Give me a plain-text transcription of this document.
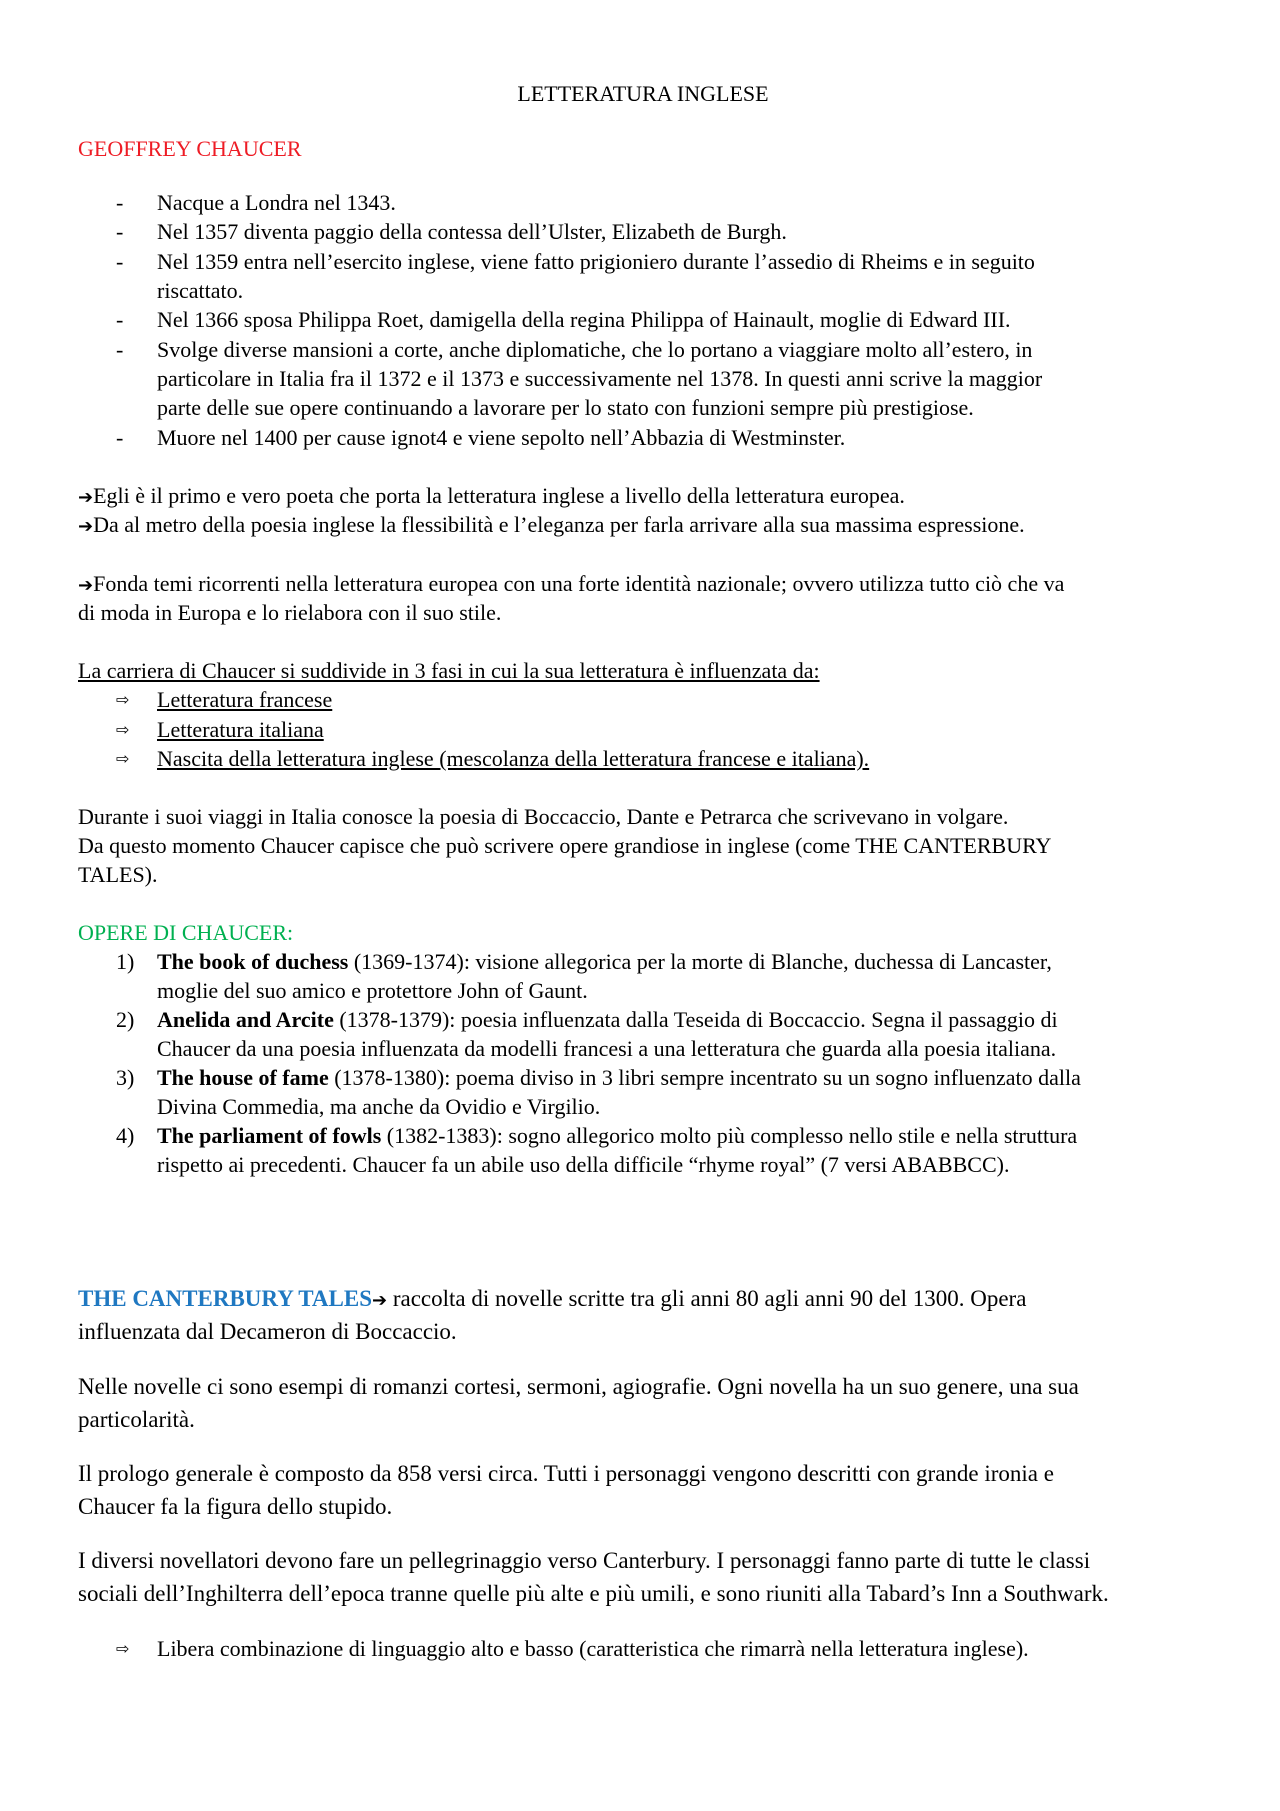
LETTERATURA INGLESE
GEOFFREY CHAUCER
- Nacque a Londra nel 1343.
- Nel 1357 diventa paggio della contessa dell’Ulster, Elizabeth de Burgh.
- Nel 1359 entra nell’esercito inglese, viene fatto prigioniero durante l’assedio di Rheims e in seguito
riscattato.
- Nel 1366 sposa Philippa Roet, damigella della regina Philippa of Hainault, moglie di Edward III.
- Svolge diverse mansioni a corte, anche diplomatiche, che lo portano a viaggiare molto all’estero, in
particolare in Italia fra il 1372 e il 1373 e successivamente nel 1378. In questi anni scrive la maggior
parte delle sue opere continuando a lavorare per lo stato con funzioni sempre più prestigiose.
- Muore nel 1400 per cause ignot4 e viene sepolto nell’Abbazia di Westminster.
➔Egli è il primo e vero poeta che porta la letteratura inglese a livello della letteratura europea.
➔Da al metro della poesia inglese la flessibilità e l’eleganza per farla arrivare alla sua massima espressione.
➔Fonda temi ricorrenti nella letteratura europea con una forte identità nazionale; ovvero utilizza tutto ciò che va
di moda in Europa e lo rielabora con il suo stile.
La carriera di Chaucer si suddivide in 3 fasi in cui la sua letteratura è influenzata da:
⇨ Letteratura francese
⇨ Letteratura italiana
⇨ Nascita della letteratura inglese (mescolanza della letteratura francese e italiana).
Durante i suoi viaggi in Italia conosce la poesia di Boccaccio, Dante e Petrarca che scrivevano in volgare.
Da questo momento Chaucer capisce che può scrivere opere grandiose in inglese (come THE CANTERBURY
TALES).
OPERE DI CHAUCER:
1) The book of duchess (1369-1374): visione allegorica per la morte di Blanche, duchessa di Lancaster,
moglie del suo amico e protettore John of Gaunt.
2) Anelida and Arcite (1378-1379): poesia influenzata dalla Teseida di Boccaccio. Segna il passaggio di
Chaucer da una poesia influenzata da modelli francesi a una letteratura che guarda alla poesia italiana.
3) The house of fame (1378-1380): poema diviso in 3 libri sempre incentrato su un sogno influenzato dalla
Divina Commedia, ma anche da Ovidio e Virgilio.
4) The parliament of fowls (1382-1383): sogno allegorico molto più complesso nello stile e nella struttura
rispetto ai precedenti. Chaucer fa un abile uso della difficile “rhyme royal” (7 versi ABABBCC).
THE CANTERBURY TALES➔ raccolta di novelle scritte tra gli anni 80 agli anni 90 del 1300. Opera
influenzata dal Decameron di Boccaccio.
Nelle novelle ci sono esempi di romanzi cortesi, sermoni, agiografie. Ogni novella ha un suo genere, una sua
particolarità.
Il prologo generale è composto da 858 versi circa. Tutti i personaggi vengono descritti con grande ironia e
Chaucer fa la figura dello stupido.
I diversi novellatori devono fare un pellegrinaggio verso Canterbury. I personaggi fanno parte di tutte le classi
sociali dell’Inghilterra dell’epoca tranne quelle più alte e più umili, e sono riuniti alla Tabard’s Inn a Southwark.
⇨ Libera combinazione di linguaggio alto e basso (caratteristica che rimarrà nella letteratura inglese).
